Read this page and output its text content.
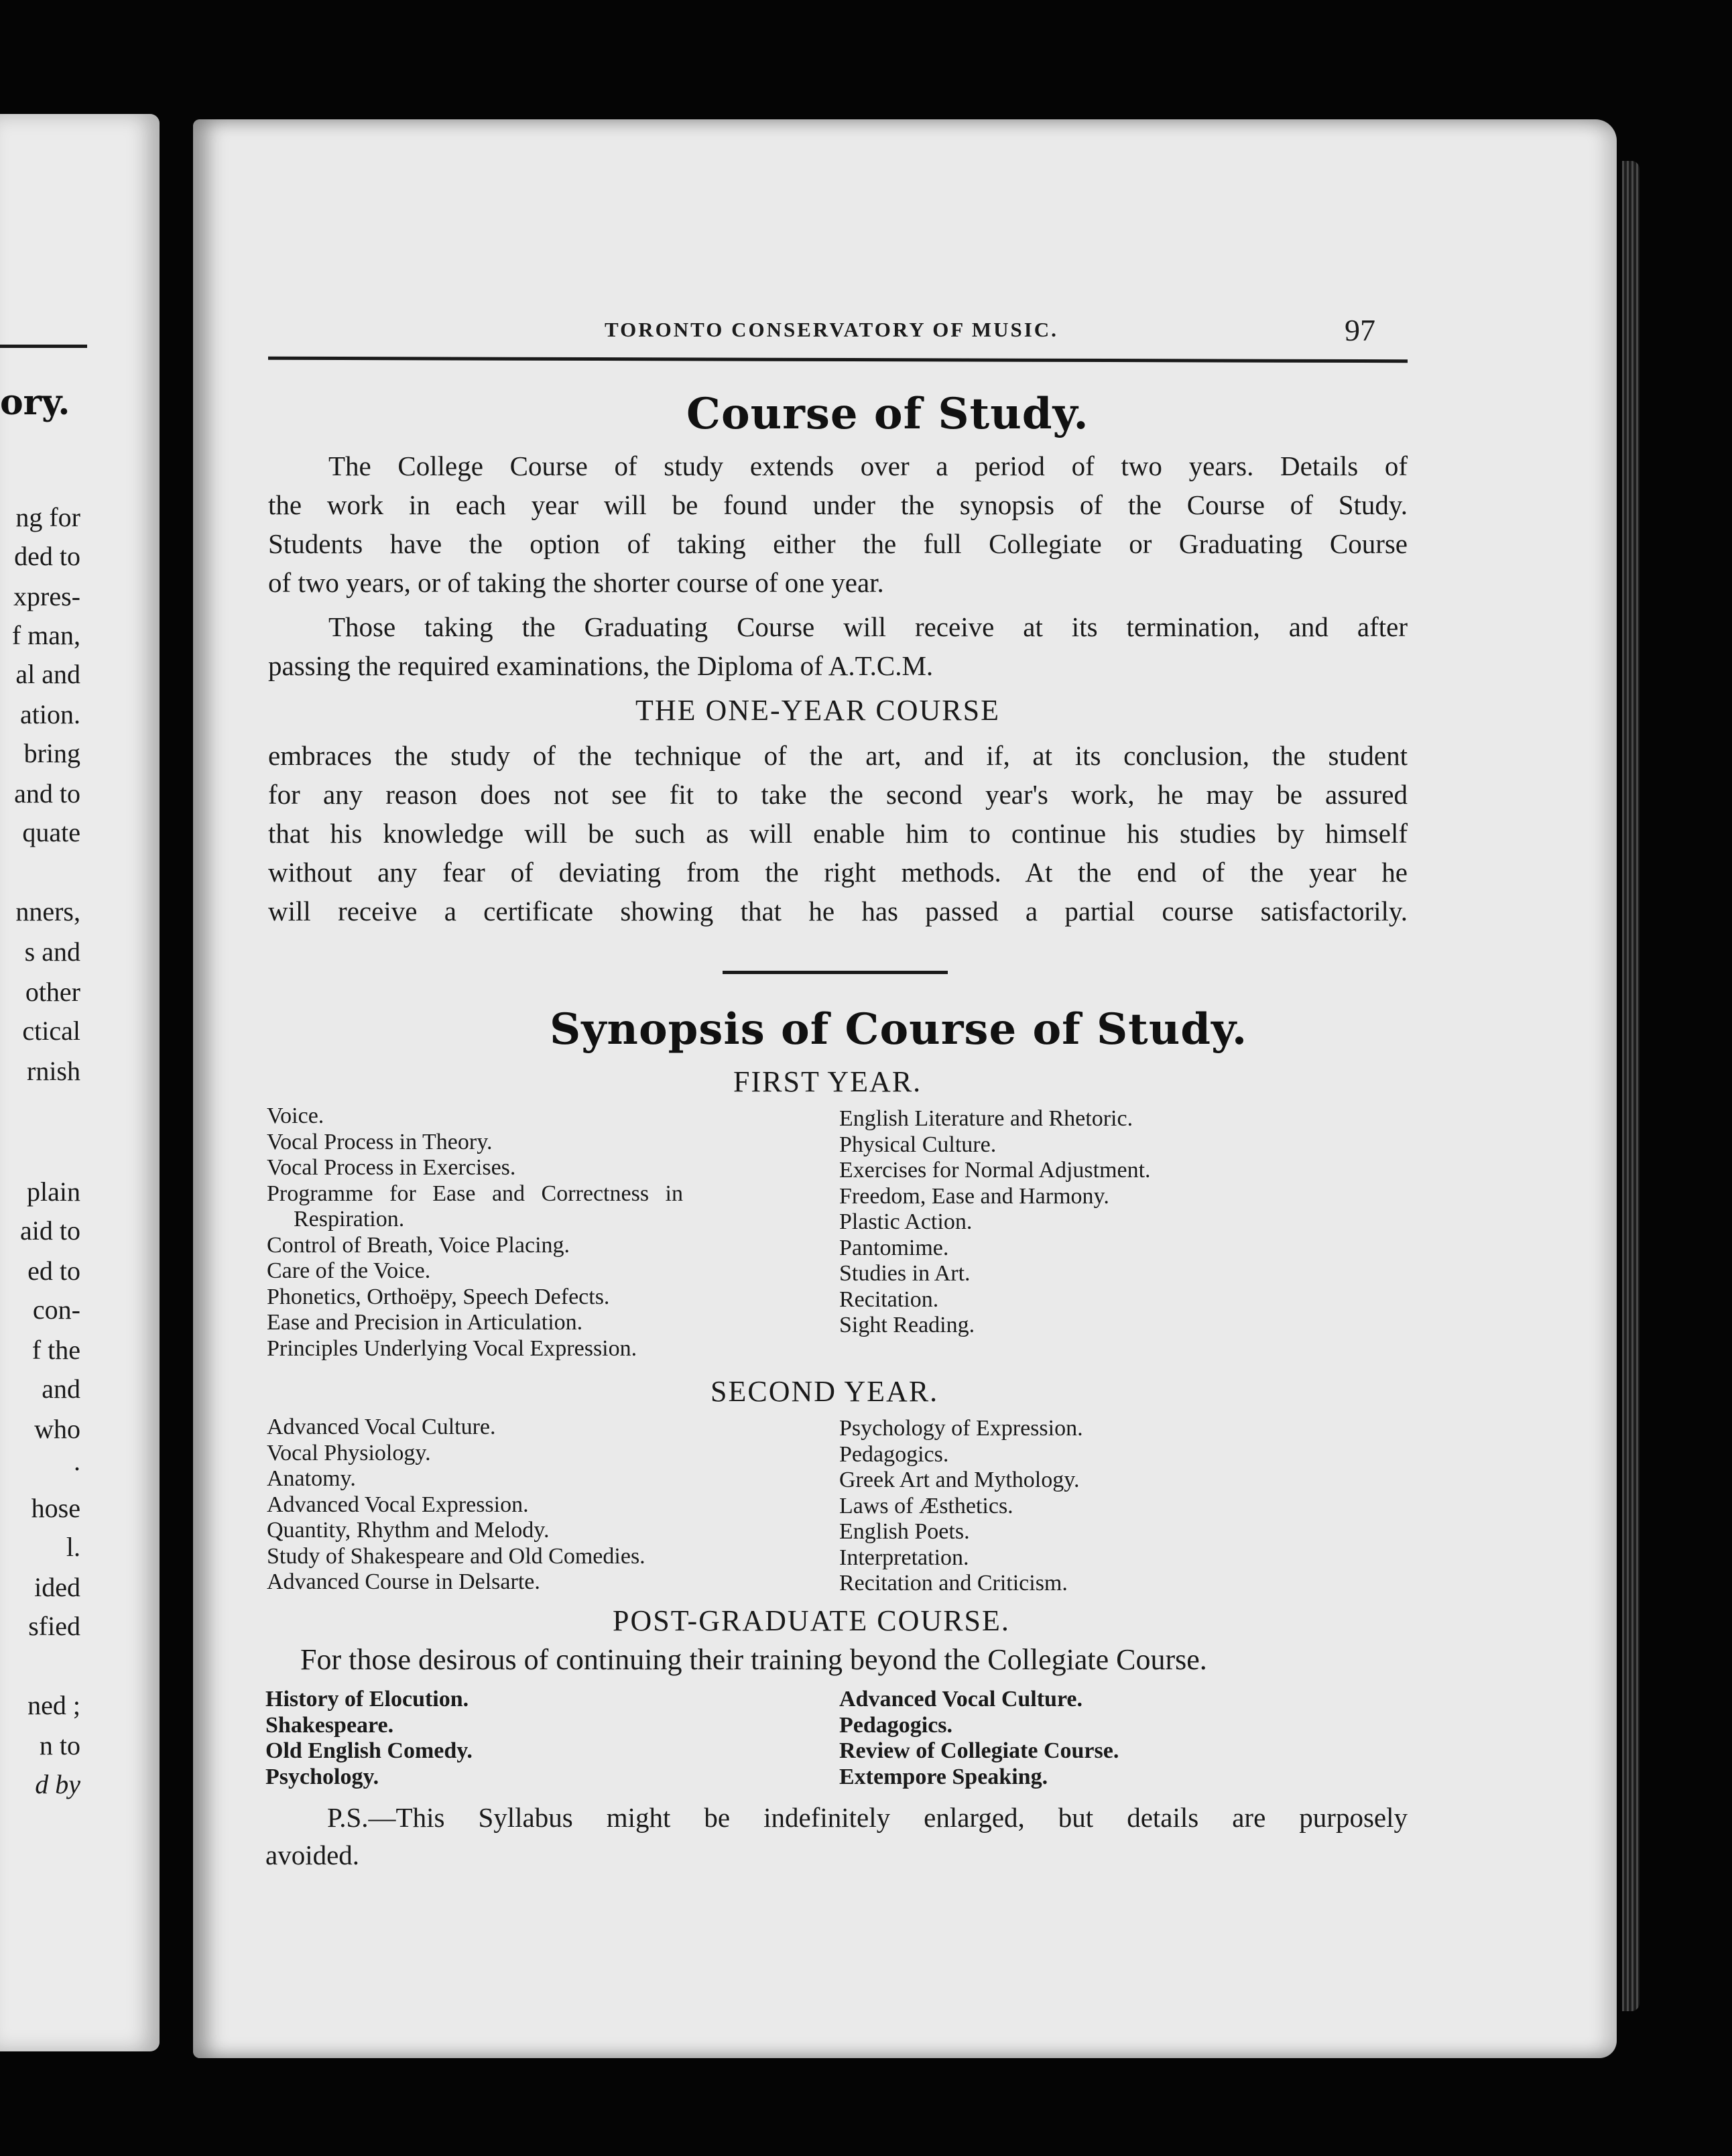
ory.
ng for
ded to
xpres-
f man,
al and
ation.
bring
and to
quate
nners,
s and
other
ctical
rnish
plain
aid to
ed to
con-
f the
and
who
.
hose
l.
ided
sfied
ned ;
n to
d by
TORONTO CONSERVATORY OF MUSIC.	97
Course of Study.
The College Course of study extends over a period of two years. Details of
the work in each year will be found under the synopsis of the Course of Study.
Students have the option of taking either the full Collegiate or Graduating Course
of two years, or of taking the shorter course of one year.
Those taking the Graduating Course will receive at its termination, and after
passing the required examinations, the Diploma of A.T.C.M.
THE ONE-YEAR COURSE
embraces the study of the technique of the art, and if, at its conclusion, the student
for any reason does not see fit to take the second year's work, he may be assured
that his knowledge will be such as will enable him to continue his studies by himself
without any fear of deviating from the right methods. At the end of the year he
will receive a certificate showing that he has passed a partial course satisfactorily.
Synopsis of Course of Study.
FIRST YEAR.
Voice.
Vocal Process in Theory.
Vocal Process in Exercises.
Programme for Ease and Correctness in
Respiration.
Control of Breath, Voice Placing.
Care of the Voice.
Phonetics, Orthoëpy, Speech Defects.
Ease and Precision in Articulation.
Principles Underlying Vocal Expression.
English Literature and Rhetoric.
Physical Culture.
Exercises for Normal Adjustment.
Freedom, Ease and Harmony.
Plastic Action.
Pantomime.
Studies in Art.
Recitation.
Sight Reading.
SECOND YEAR.
Advanced Vocal Culture.
Vocal Physiology.
Anatomy.
Advanced Vocal Expression.
Quantity, Rhythm and Melody.
Study of Shakespeare and Old Comedies.
Advanced Course in Delsarte.
Psychology of Expression.
Pedagogics.
Greek Art and Mythology.
Laws of Æsthetics.
English Poets.
Interpretation.
Recitation and Criticism.
POST-GRADUATE COURSE.
For those desirous of continuing their training beyond the Collegiate Course.
History of Elocution.
Shakespeare.
Old English Comedy.
Psychology.
Advanced Vocal Culture.
Pedagogics.
Review of Collegiate Course.
Extempore Speaking.
P.S.—This Syllabus might be indefinitely enlarged, but details are purposely
avoided.
